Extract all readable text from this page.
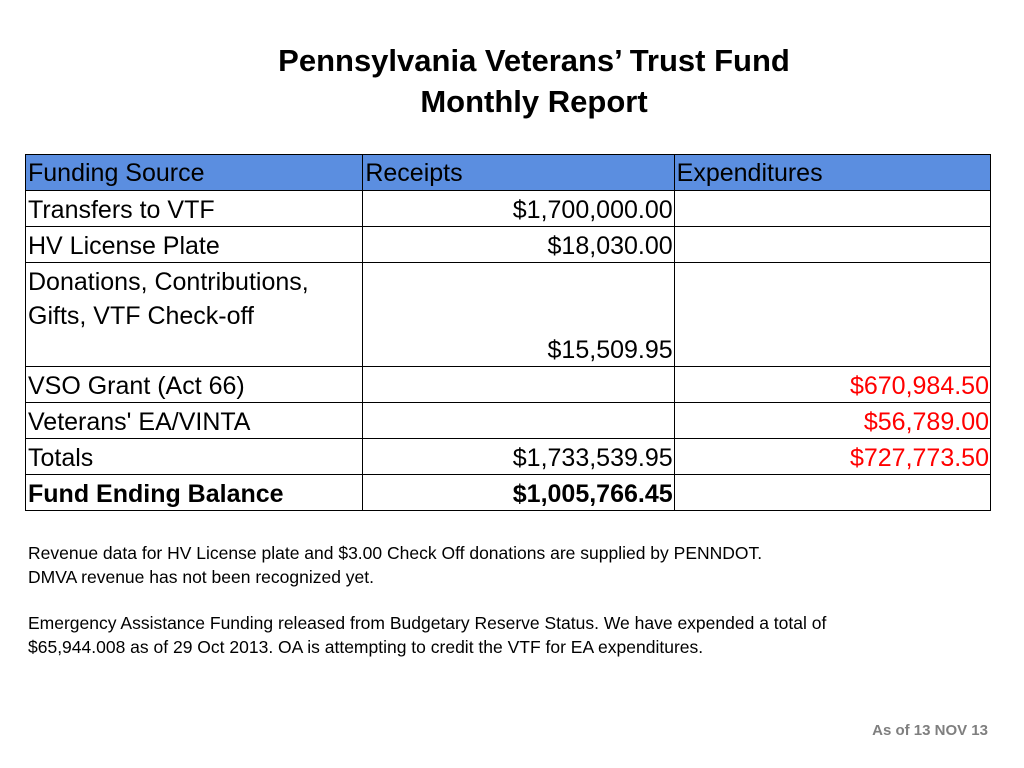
Pennsylvania Veterans’ Trust Fund
Monthly Report
Funding Source	Receipts	Expenditures
Transfers to VTF	$1,700,000.00	
HV License Plate	$18,030.00	
Donations, Contributions, Gifts, VTF Check-off	$15,509.95	
VSO Grant (Act 66)		$670,984.50
Veterans' EA/VINTA		$56,789.00
Totals	$1,733,539.95	$727,773.50
Fund Ending Balance	$1,005,766.45	
Revenue data for HV License plate and $3.00 Check Off donations are supplied by PENNDOT.
DMVA revenue has not been recognized yet.
Emergency Assistance Funding released from Budgetary Reserve Status. We have expended a total of
$65,944.008 as of 29 Oct 2013. OA is attempting to credit the VTF for EA expenditures.
As of 13 NOV 13
